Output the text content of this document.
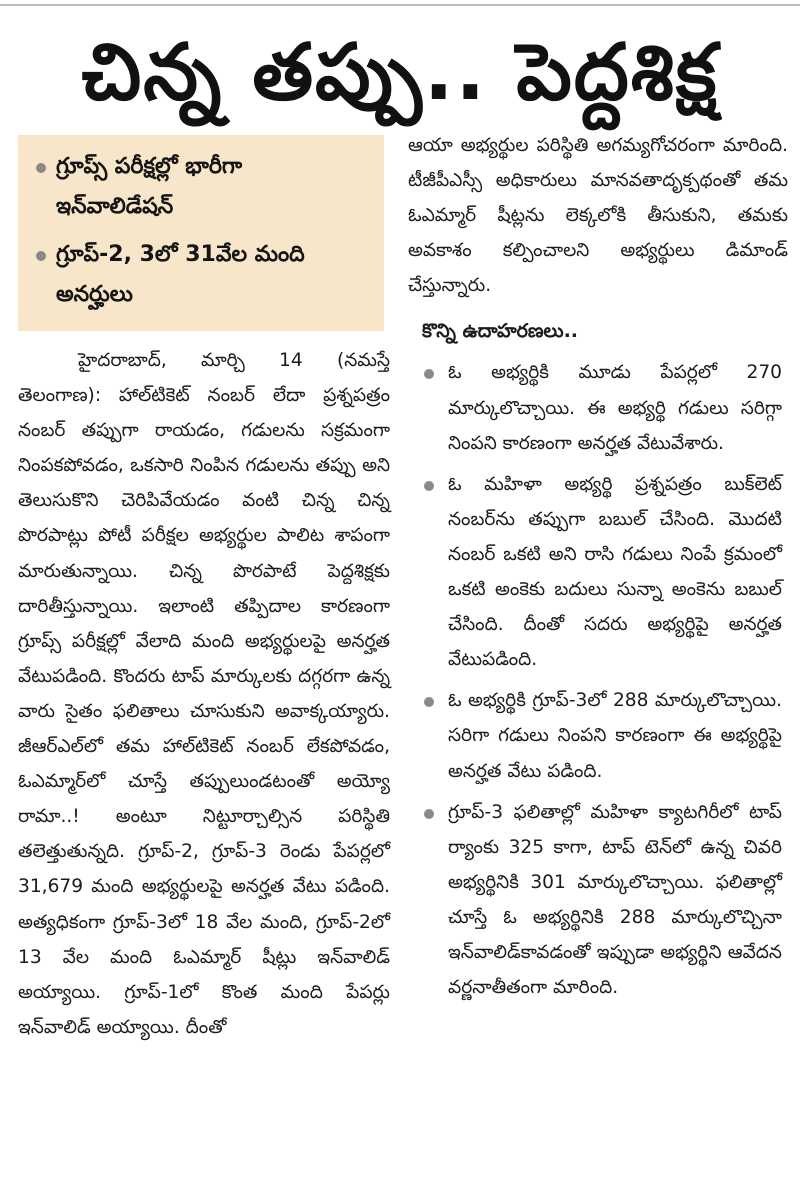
చిన్న తప్పు.. పెద్దశిక్ష
గ్రూప్స్ పరీక్షల్లో భారీగా ఇన్‌వాలిడేషన్
గ్రూప్-2, 3లో 31వేల మంది అనర్హులు

హైదరాబాద్, మార్చి 14 (నమస్తే తెలంగాణ): హాల్‌టికెట్ నంబర్ లేదా ప్రశ్నపత్రం నంబర్ తప్పుగా రాయడం, గడులను సక్రమంగా నింపకపోవడం, ఒకసారి నింపిన గడులను తప్పు అని తెలుసుకొని చెరిపివేయడం వంటి చిన్న చిన్న పొరపాట్లు పోటీ పరీక్షల అభ్యర్థుల పాలిట శాపంగా మారుతున్నాయి. చిన్న పొరపాటే పెద్దశిక్షకు దారితీస్తున్నాయి. ఇలాంటి తప్పిదాల కారణంగా గ్రూప్స్ పరీక్షల్లో వేలాది మంది అభ్యర్థులపై అనర్హత వేటుపడింది. కొందరు టాప్ మార్కులకు దగ్గరగా ఉన్న వారు సైతం ఫలితాలు చూసుకుని అవాక్కయ్యారు. జీఆర్‌ఎల్‌లో తమ హాల్‌టికెట్ నంబర్ లేకపోవడం, ఓఎమ్మార్‌లో చూస్తే తప్పులుండటంతో అయ్యో రామా..! అంటూ నిట్టూర్చాల్సిన పరిస్థితి తలెత్తుతున్నది. గ్రూప్-2, గ్రూప్-3 రెండు పేపర్లలో 31,679 మంది అభ్యర్థులపై అనర్హత వేటు పడింది. అత్యధికంగా గ్రూప్-3లో 18 వేల మంది, గ్రూప్-2లో 13 వేల మంది ఓఎమ్మార్ షీట్లు ఇన్‌వాలిడ్ అయ్యాయి. గ్రూప్-1లో కొంత మంది పేపర్లు ఇన్‌వాలిడ్ అయ్యాయి. దీంతో

ఆయా అభ్యర్థుల పరిస్థితి అగమ్యగోచరంగా మారింది. టీజీపీఎస్సీ అధికారులు మానవతాదృక్పథంతో తమ ఓఎమ్మార్ షీట్లను లెక్కలోకి తీసుకుని, తమకు అవకాశం కల్పించాలని అభ్యర్థులు డిమాండ్ చేస్తున్నారు.

కొన్ని ఉదాహరణలు..

ఓ అభ్యర్థికి మూడు పేపర్లలో 270 మార్కులొచ్చాయి. ఈ అభ్యర్థి గడులు సరిగ్గా నింపని కారణంగా అనర్హత వేటువేశారు.
ఓ మహిళా అభ్యర్థి ప్రశ్నపత్రం బుక్‌లెట్ నంబర్‌ను తప్పుగా బబుల్ చేసింది. మొదటి నంబర్ ఒకటి అని రాసి గడులు నింపే క్రమంలో ఒకటి అంకెకు బదులు సున్నా అంకెను బబుల్ చేసింది. దీంతో సదరు అభ్యర్థిపై అనర్హత వేటుపడింది.
ఓ అభ్యర్థికి గ్రూప్-3లో 288 మార్కులొచ్చాయి. సరిగా గడులు నింపని కారణంగా ఈ అభ్యర్థిపై అనర్హత వేటు పడింది.
గ్రూప్-3 ఫలితాల్లో మహిళా క్యాటగిరీలో టాప్ ర్యాంకు 325 కాగా, టాప్ టెన్‌లో ఉన్న చివరి అభ్యర్థినికి 301 మార్కులొచ్చాయి. ఫలితాల్లో చూస్తే ఓ అభ్యర్థినికి 288 మార్కులొచ్చినా ఇన్‌వాలిడ్‌కావడంతో ఇప్పుడా అభ్యర్థిని ఆవేదన వర్ణనాతీతంగా మారింది.
